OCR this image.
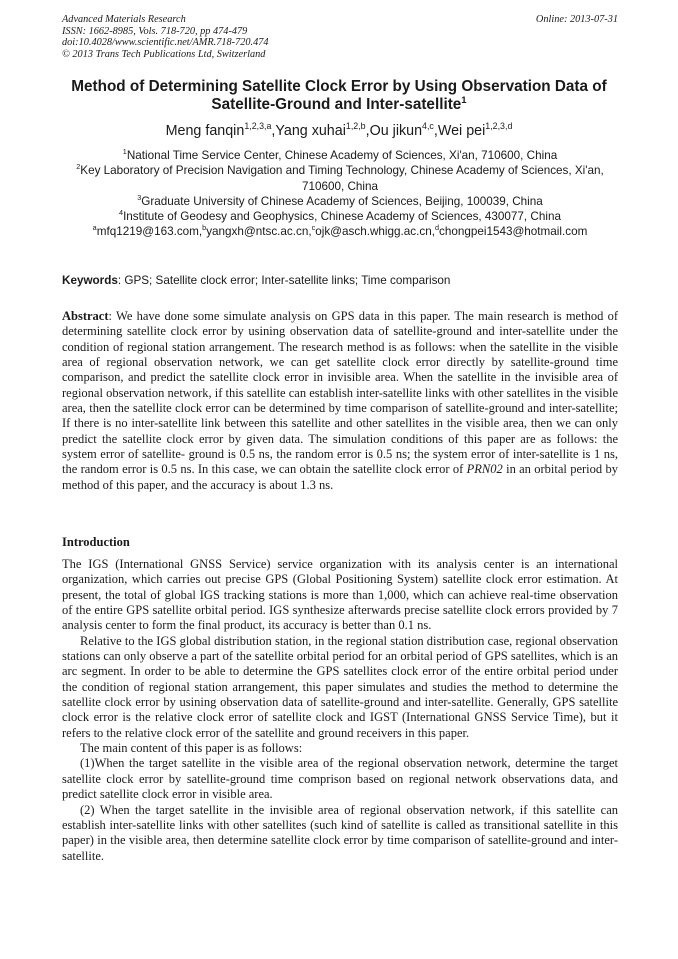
Advanced Materials Research
ISSN: 1662-8985, Vols. 718-720, pp 474-479
doi:10.4028/www.scientific.net/AMR.718-720.474
© 2013 Trans Tech Publications Ltd, Switzerland
Online: 2013-07-31
Method of Determining Satellite Clock Error by Using Observation Data of Satellite-Ground and Inter-satellite$^1$
Meng fanqin$^{1,2,3,a}$,Yang xuhai$^{1,2,b}$,Ou jikun$^{4,c}$,Wei pei$^{1,2,3,d}$
$^1$National Time Service Center, Chinese Academy of Sciences, Xi'an, 710600, China
$^2$Key Laboratory of Precision Navigation and Timing Technology, Chinese Academy of Sciences, Xi'an, 710600, China
$^3$Graduate University of Chinese Academy of Sciences, Beijing, 100039, China
$^4$Institute of Geodesy and Geophysics, Chinese Academy of Sciences, 430077, China
$^a$mfq1219@163.com,$^b$yangxh@ntsc.ac.cn,$^c$ojk@asch.whigg.ac.cn,$^d$chongpei1543@hotmail.com
Keywords: GPS; Satellite clock error; Inter-satellite links; Time comparison
Abstract: We have done some simulate analysis on GPS data in this paper. The main research is method of determining satellite clock error by usining observation data of satellite-ground and inter-satellite under the condition of regional station arrangement. The research method is as follows: when the satellite in the visible area of regional observation network, we can get satellite clock error directly by satellite-ground time comparison, and predict the satellite clock error in invisible area. When the satellite in the invisible area of regional observation network, if this satellite can establish inter-satellite links with other satellites in the visible area, then the satellite clock error can be determined by time comparison of satellite-ground and inter-satellite; If there is no inter-satellite link between this satellite and other satellites in the visible area, then we can only predict the satellite clock error by given data. The simulation conditions of this paper are as follows: the system error of satellite- ground is 0.5 ns, the random error is 0.5 ns; the system error of inter-satellite is 1 ns, the random error is 0.5 ns. In this case, we can obtain the satellite clock error of PRN02 in an orbital period by method of this paper, and the accuracy is about 1.3 ns.
Introduction

The IGS (International GNSS Service) service organization with its analysis center is an international organization, which carries out precise GPS (Global Positioning System) satellite clock error estimation. At present, the total of global IGS tracking stations is more than 1,000, which can achieve real-time observation of the entire GPS satellite orbital period. IGS synthesize afterwards precise satellite clock errors provided by 7 analysis center to form the final product, its accuracy is better than 0.1 ns.

Relative to the IGS global distribution station, in the regional station distribution case, regional observation stations can only observe a part of the satellite orbital period for an orbital period of GPS satellites, which is an arc segment. In order to be able to determine the GPS satellites clock error of the entire orbital period under the condition of regional station arrangement, this paper simulates and studies the method to determine the satellite clock error by usining observation data of satellite-ground and inter-satellite. Generally, GPS satellite clock error is the relative clock error of satellite clock and IGST (International GNSS Service Time), but it refers to the relative clock error of the satellite and ground receivers in this paper.

The main content of this paper is as follows:

(1)When the target satellite in the visible area of the regional observation network, determine the target satellite clock error by satellite-ground time comprison based on regional network observations data, and predict satellite clock error in visible area.

(2) When the target satellite in the invisible area of regional observation network, if this satellite can establish inter-satellite links with other satellites (such kind of satellite is called as transitional satellite in this paper) in the visible area, then determine satellite clock error by time comparison of satellite-ground and inter-satellite.
